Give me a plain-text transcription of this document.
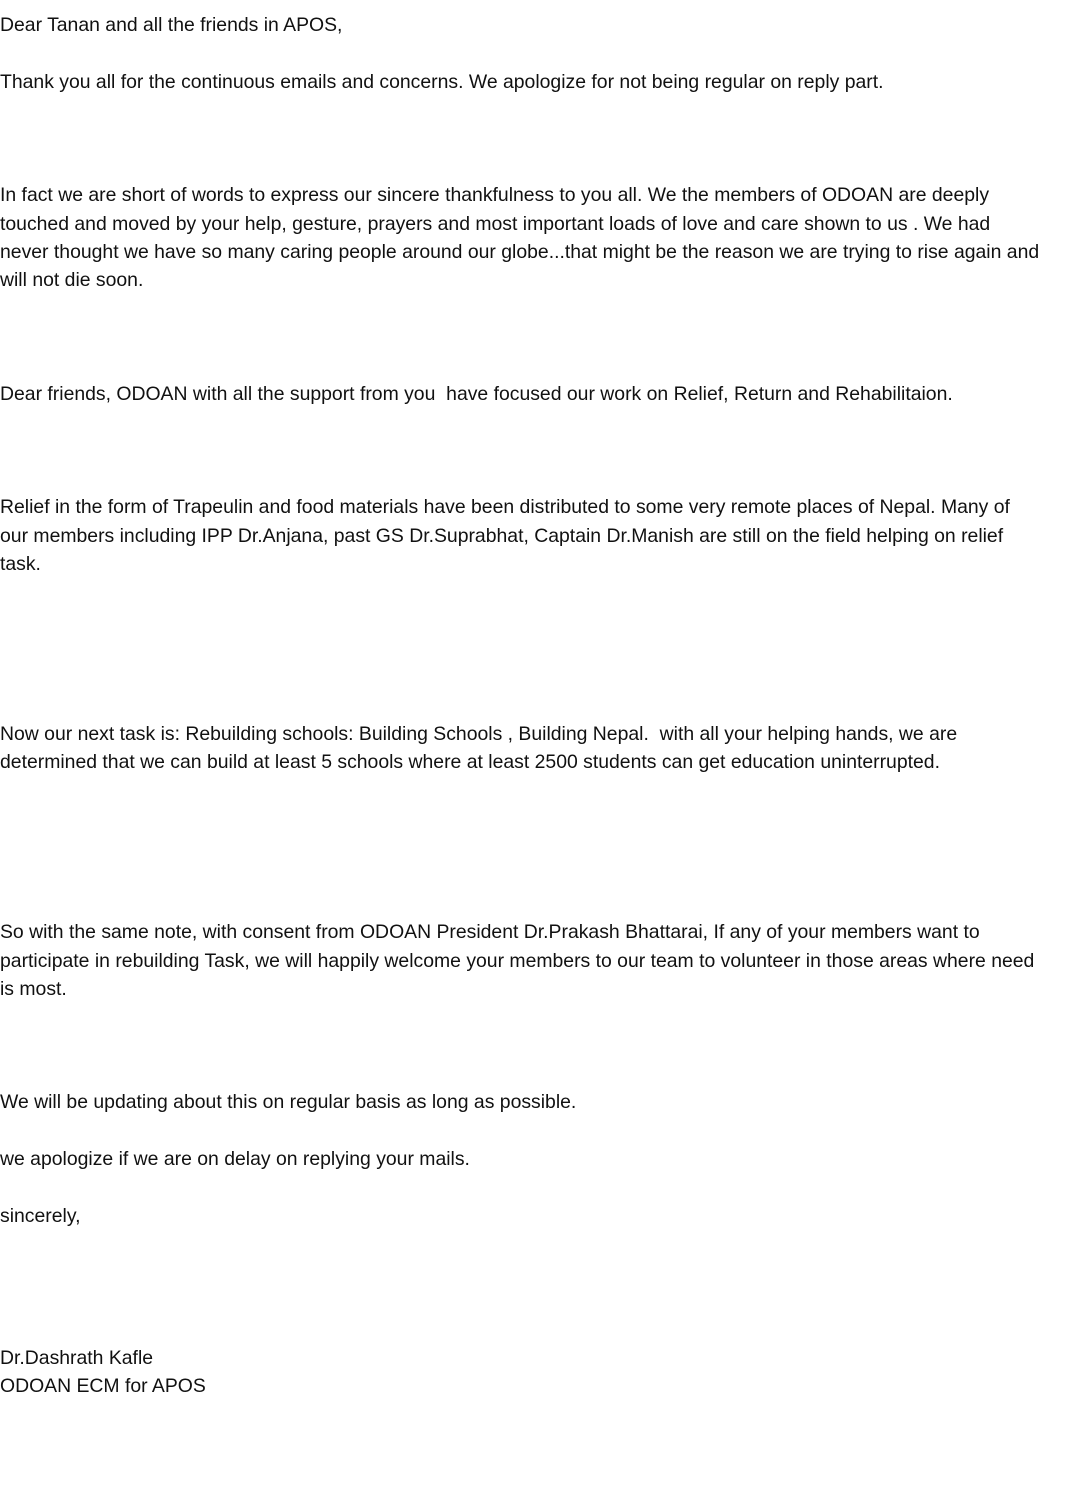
Dear Tanan and all the friends in APOS,

Thank you all for the continuous emails and concerns. We apologize for not being regular on reply part.

In fact we are short of words to express our sincere thankfulness to you all. We the members of ODOAN are deeply
touched and moved by your help, gesture, prayers and most important loads of love and care shown to us . We had
never thought we have so many caring people around our globe...that might be the reason we are trying to rise again and
will not die soon.

Dear friends, ODOAN with all the support from you  have focused our work on Relief, Return and Rehabilitaion.

Relief in the form of Trapeulin and food materials have been distributed to some very remote places of Nepal. Many of
our members including IPP Dr.Anjana, past GS Dr.Suprabhat, Captain Dr.Manish are still on the field helping on relief
task.

Now our next task is: Rebuilding schools: Building Schools , Building Nepal.  with all your helping hands, we are
determined that we can build at least 5 schools where at least 2500 students can get education uninterrupted.

So with the same note, with consent from ODOAN President Dr.Prakash Bhattarai, If any of your members want to
participate in rebuilding Task, we will happily welcome your members to our team to volunteer in those areas where need
is most.

We will be updating about this on regular basis as long as possible.

we apologize if we are on delay on replying your mails.

sincerely,

Dr.Dashrath Kafle
ODOAN ECM for APOS
